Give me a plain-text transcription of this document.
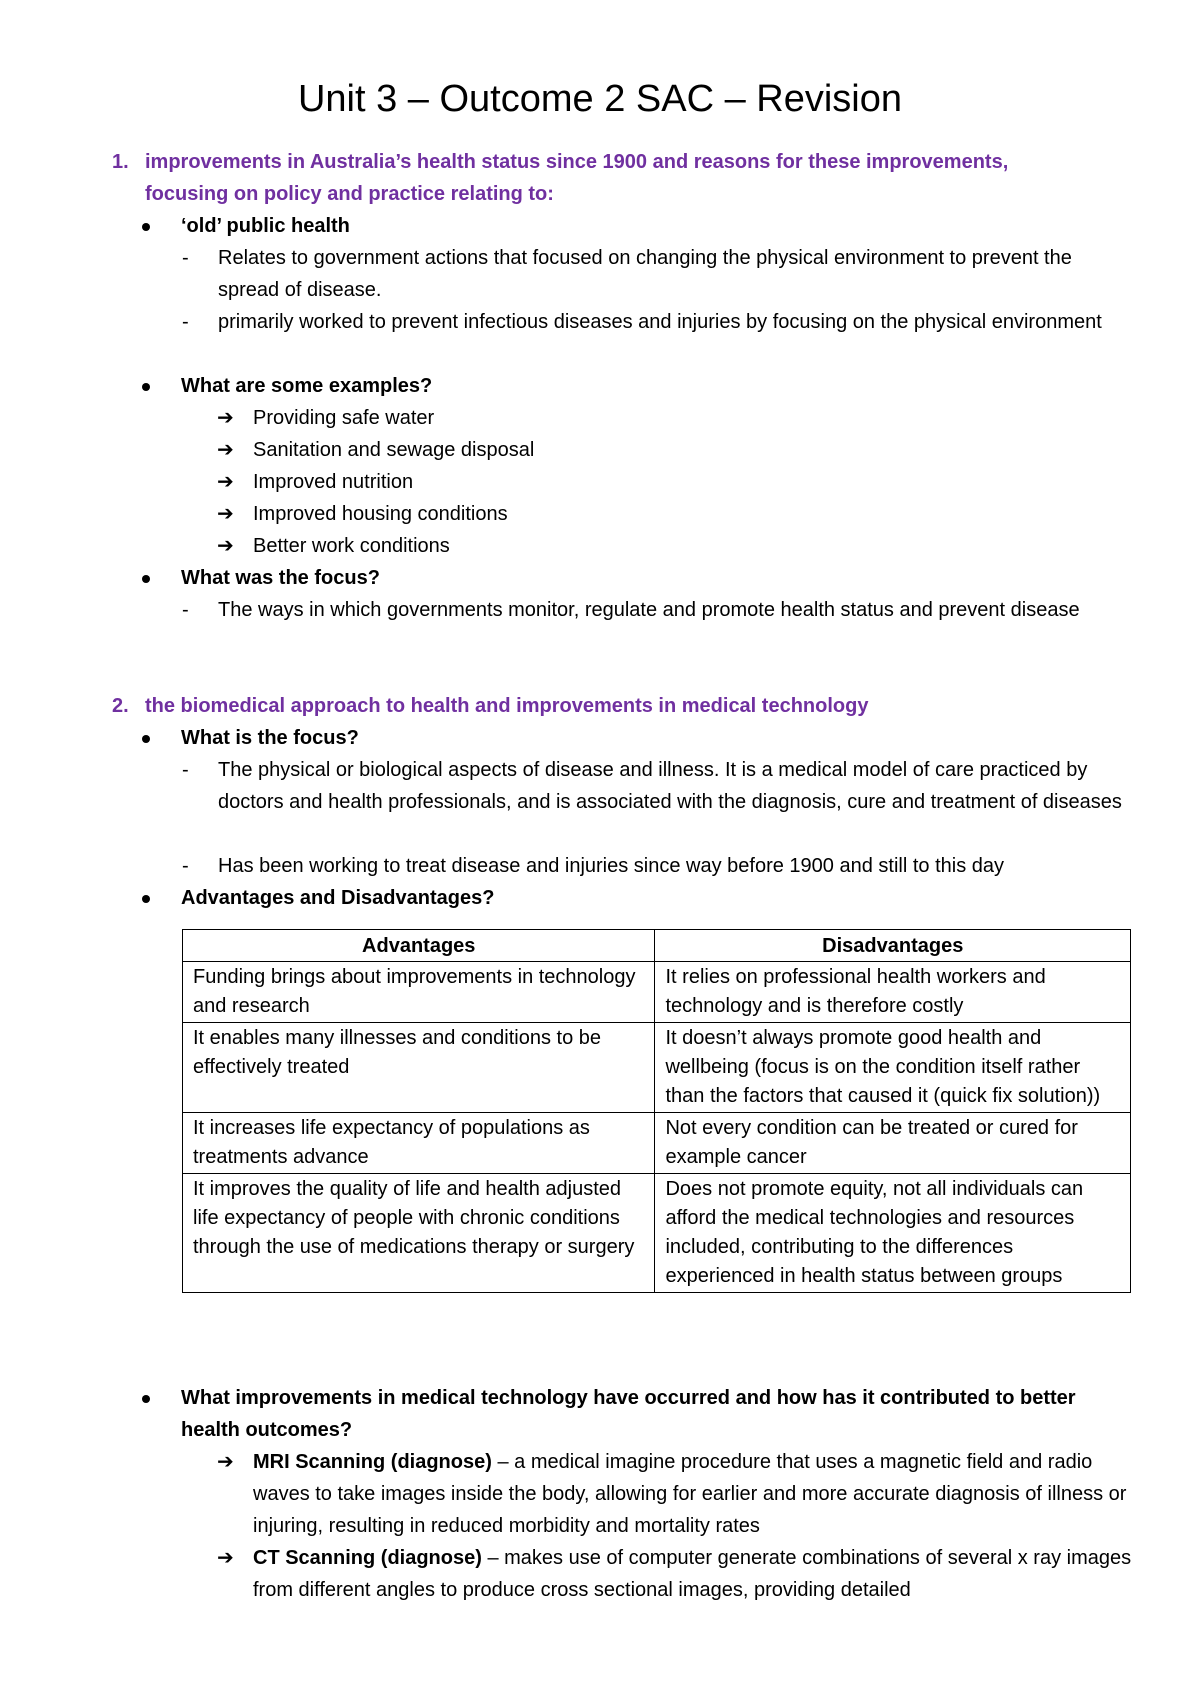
Unit 3 – Outcome 2 SAC – Revision
1. improvements in Australia’s health status since 1900 and reasons for these improvements, focusing on policy and practice relating to:
‘old’ public health
- Relates to government actions that focused on changing the physical environment to prevent the spread of disease.
- primarily worked to prevent infectious diseases and injuries by focusing on the physical environment
What are some examples?
➔ Providing safe water
➔ Sanitation and sewage disposal
➔ Improved nutrition
➔ Improved housing conditions
➔ Better work conditions
What was the focus?
- The ways in which governments monitor, regulate and promote health status and prevent disease
2. the biomedical approach to health and improvements in medical technology
What is the focus?
- The physical or biological aspects of disease and illness. It is a medical model of care practiced by doctors and health professionals, and is associated with the diagnosis, cure and treatment of diseases
- Has been working to treat disease and injuries since way before 1900 and still to this day
Advantages and Disadvantages?
Advantages	Disadvantages
Funding brings about improvements in technology and research	It relies on professional health workers and technology and is therefore costly
It enables many illnesses and conditions to be effectively treated	It doesn’t always promote good health and wellbeing (focus is on the condition itself rather than the factors that caused it (quick fix solution))
It increases life expectancy of populations as treatments advance	Not every condition can be treated or cured for example cancer
It improves the quality of life and health adjusted life expectancy of people with chronic conditions through the use of medications therapy or surgery	Does not promote equity, not all individuals can afford the medical technologies and resources included, contributing to the differences experienced in health status between groups
What improvements in medical technology have occurred and how has it contributed to better health outcomes?
➔ MRI Scanning (diagnose) – a medical imagine procedure that uses a magnetic field and radio waves to take images inside the body, allowing for earlier and more accurate diagnosis of illness or injuring, resulting in reduced morbidity and mortality rates
➔ CT Scanning (diagnose) – makes use of computer generate combinations of several x ray images from different angles to produce cross sectional images, providing detailed
